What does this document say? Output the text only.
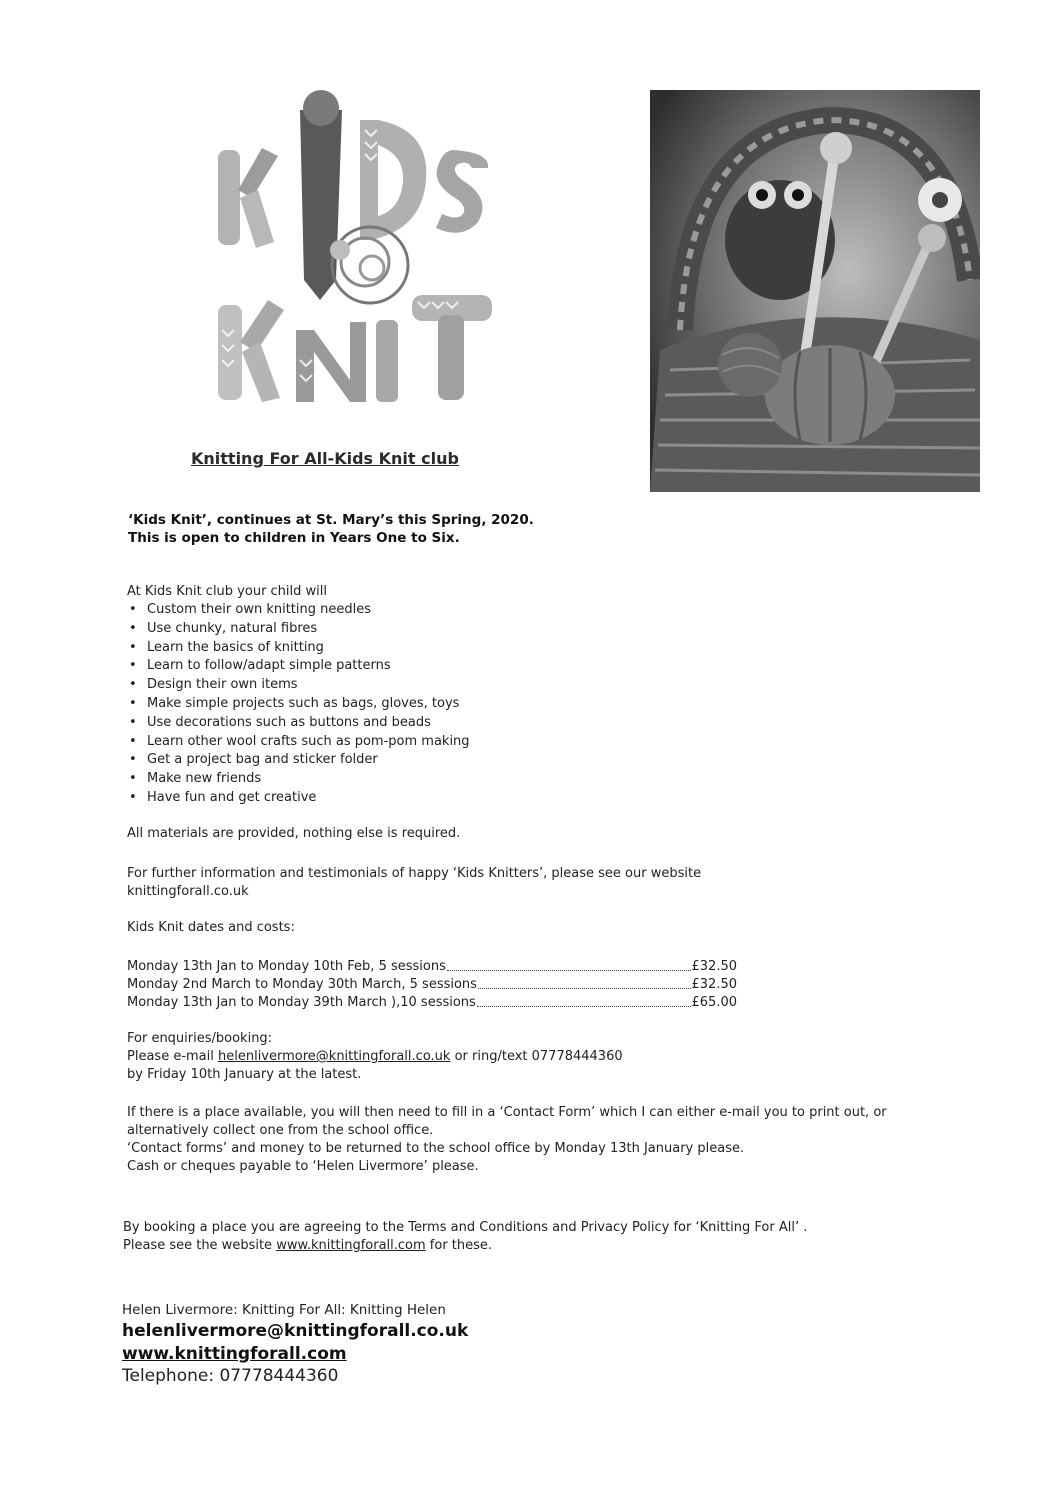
Knitting For All-Kids Knit club
‘Kids Knit’, continues at St. Mary’s this Spring, 2020.
This is open to children in Years One to Six.
At Kids Knit club your child will
• Custom their own knitting needles
• Use chunky, natural fibres
• Learn the basics of knitting
• Learn to follow/adapt simple patterns
• Design their own items
• Make simple projects such as bags, gloves, toys
• Use decorations such as buttons and beads
• Learn other wool crafts such as pom-pom making
• Get a project bag and sticker folder
• Make new friends
• Have fun and get creative
All materials are provided, nothing else is required.
For further information and testimonials of happy ‘Kids Knitters’, please see our website
knittingforall.co.uk
Kids Knit dates and costs:
Monday 13th Jan to Monday 10th Feb, 5 sessions	£32.50
Monday 2nd March to Monday 30th March, 5 sessions	£32.50
Monday 13th Jan to Monday 39th March ),10 sessions	£65.00
For enquiries/booking:
Please e-mail helenlivermore@knittingforall.co.uk or ring/text 07778444360
by Friday 10th January at the latest.
If there is a place available, you will then need to fill in a ‘Contact Form’ which I can either e-mail you to print out, or
alternatively collect one from the school office.
‘Contact forms’ and money to be returned to the school office by Monday 13th January please.
Cash or cheques payable to ‘Helen Livermore’ please.
By booking a place you are agreeing to the Terms and Conditions and Privacy Policy for ‘Knitting For All’ .
Please see the website www.knittingforall.com for these.
Helen Livermore: Knitting For All: Knitting Helen
helenlivermore@knittingforall.co.uk
www.knittingforall.com
Telephone: 07778444360
